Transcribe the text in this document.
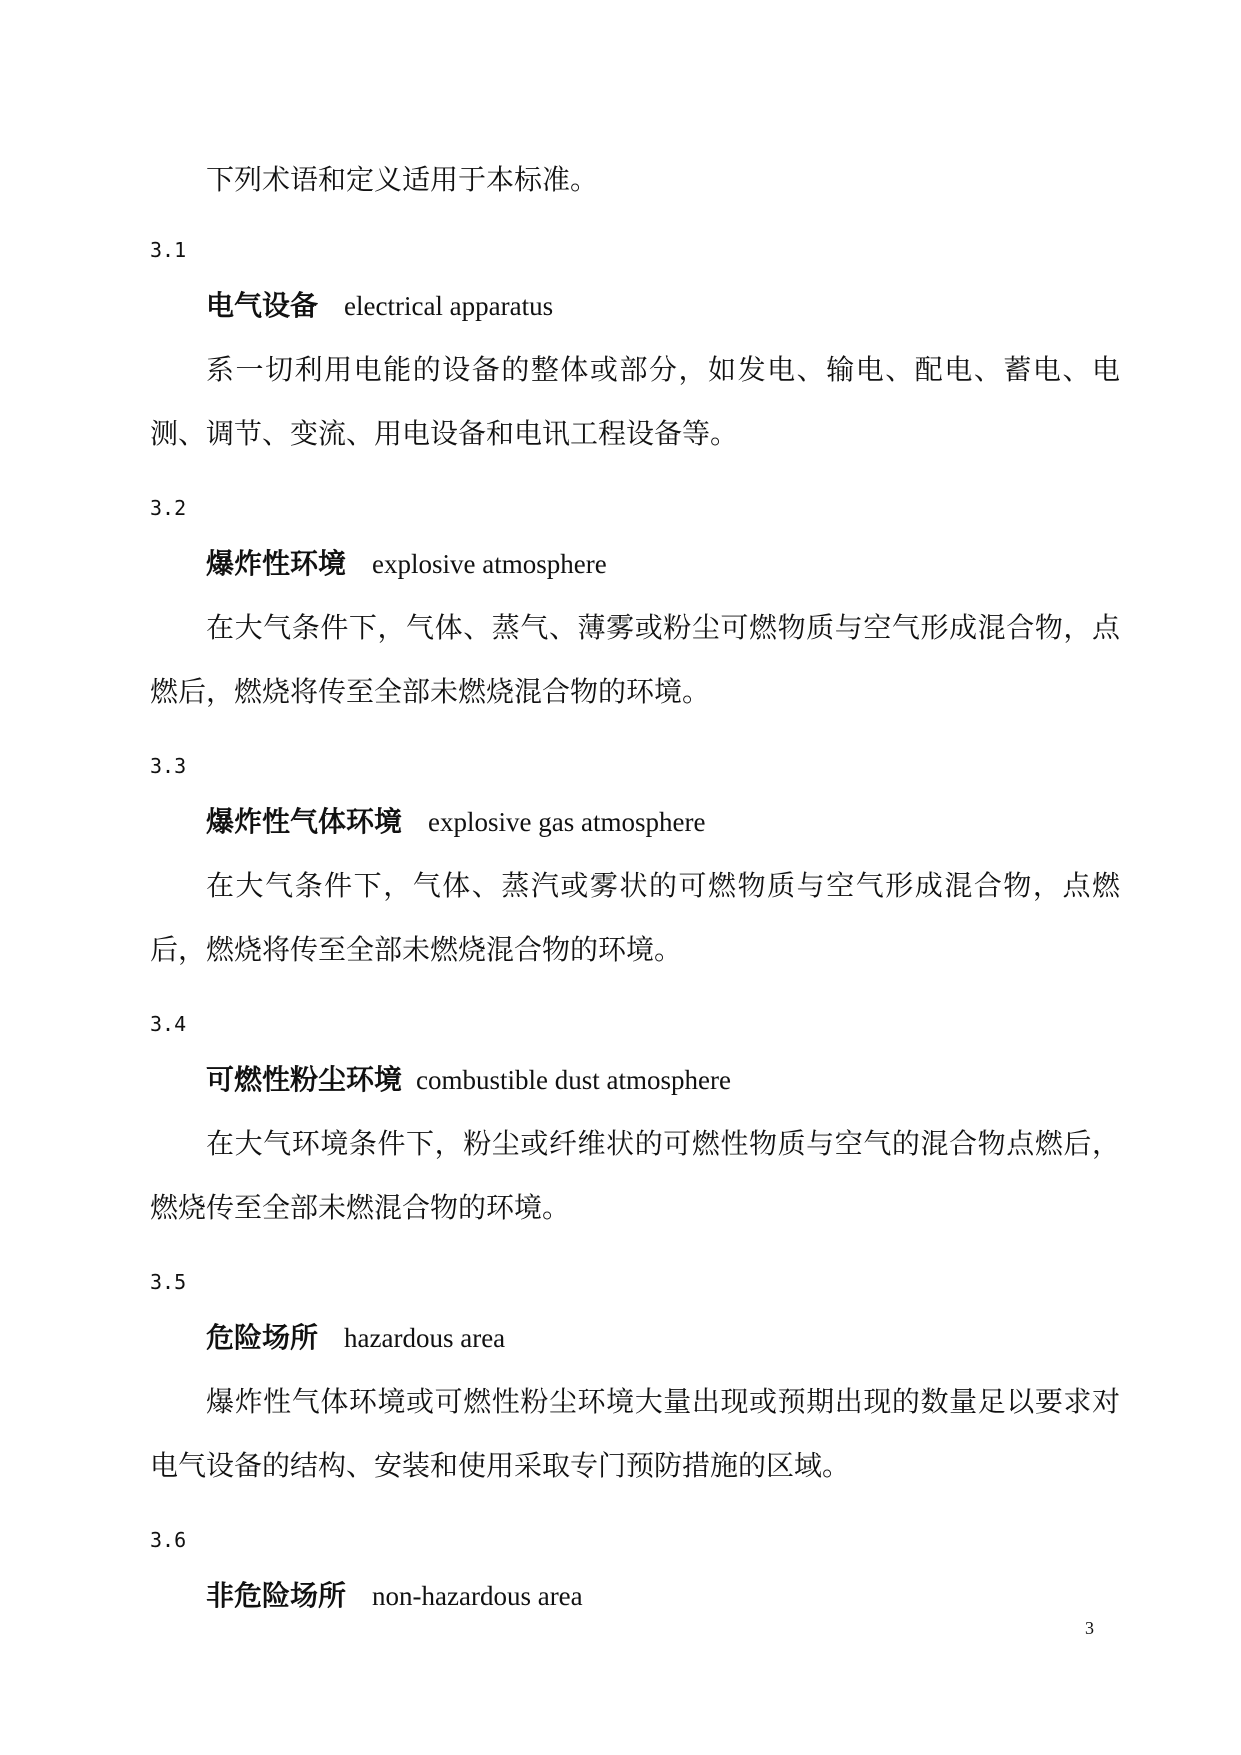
下列术语和定义适用于本标准。

3.1

电气设备 electrical apparatus

系一切利用电能的设备的整体或部分，如发电、输电、配电、蓄电、电测、调节、变流、用电设备和电讯工程设备等。

3.2

爆炸性环境 explosive atmosphere

在大气条件下，气体、蒸气、薄雾或粉尘可燃物质与空气形成混合物，点燃后，燃烧将传至全部未燃烧混合物的环境。

3.3

爆炸性气体环境 explosive gas atmosphere

在大气条件下，气体、蒸汽或雾状的可燃物质与空气形成混合物，点燃后，燃烧将传至全部未燃烧混合物的环境。

3.4

可燃性粉尘环境 combustible dust atmosphere

在大气环境条件下，粉尘或纤维状的可燃性物质与空气的混合物点燃后，燃烧传至全部未燃混合物的环境。

3.5

危险场所 hazardous area

爆炸性气体环境或可燃性粉尘环境大量出现或预期出现的数量足以要求对电气设备的结构、安装和使用采取专门预防措施的区域。

3.6

非危险场所 non-hazardous area

3
